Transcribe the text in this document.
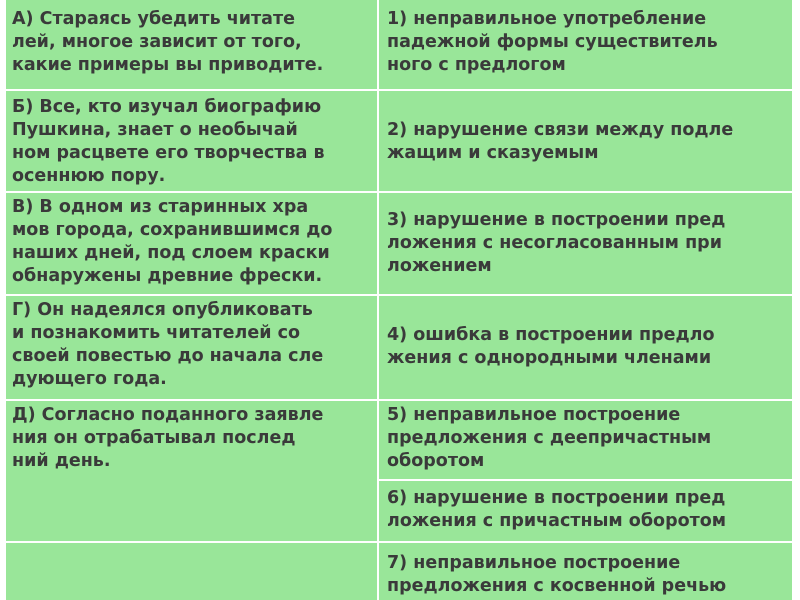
А) Стараясь убедить читате
лей, многое зависит от того,
какие примеры вы приводите.
Б) Все, кто изучал биографию
Пушкина, знает о необычай
ном расцвете его творчества в
осеннюю пору.
В) В одном из старинных хра
мов города, сохранившимся до
наших дней, под слоем краски
обнаружены древние фрески.
Г) Он надеялся опубликовать
и познакомить читателей со
своей повестью до начала сле
дующего года.
Д) Согласно поданного заявле
ния он отрабатывал послед
ний день.
1) неправильное употребление
падежной формы существитель
ного с предлогом
2) нарушение связи между подле
жащим и сказуемым
3) нарушение в построении пред
ложения с несогласованным при
ложением
4) ошибка в построении предло
жения с однородными членами
5) неправильное построение
предложения с деепричастным
оборотом
6) нарушение в построении пред
ложения с причастным оборотом
7) неправильное построение
предложения с косвенной речью
